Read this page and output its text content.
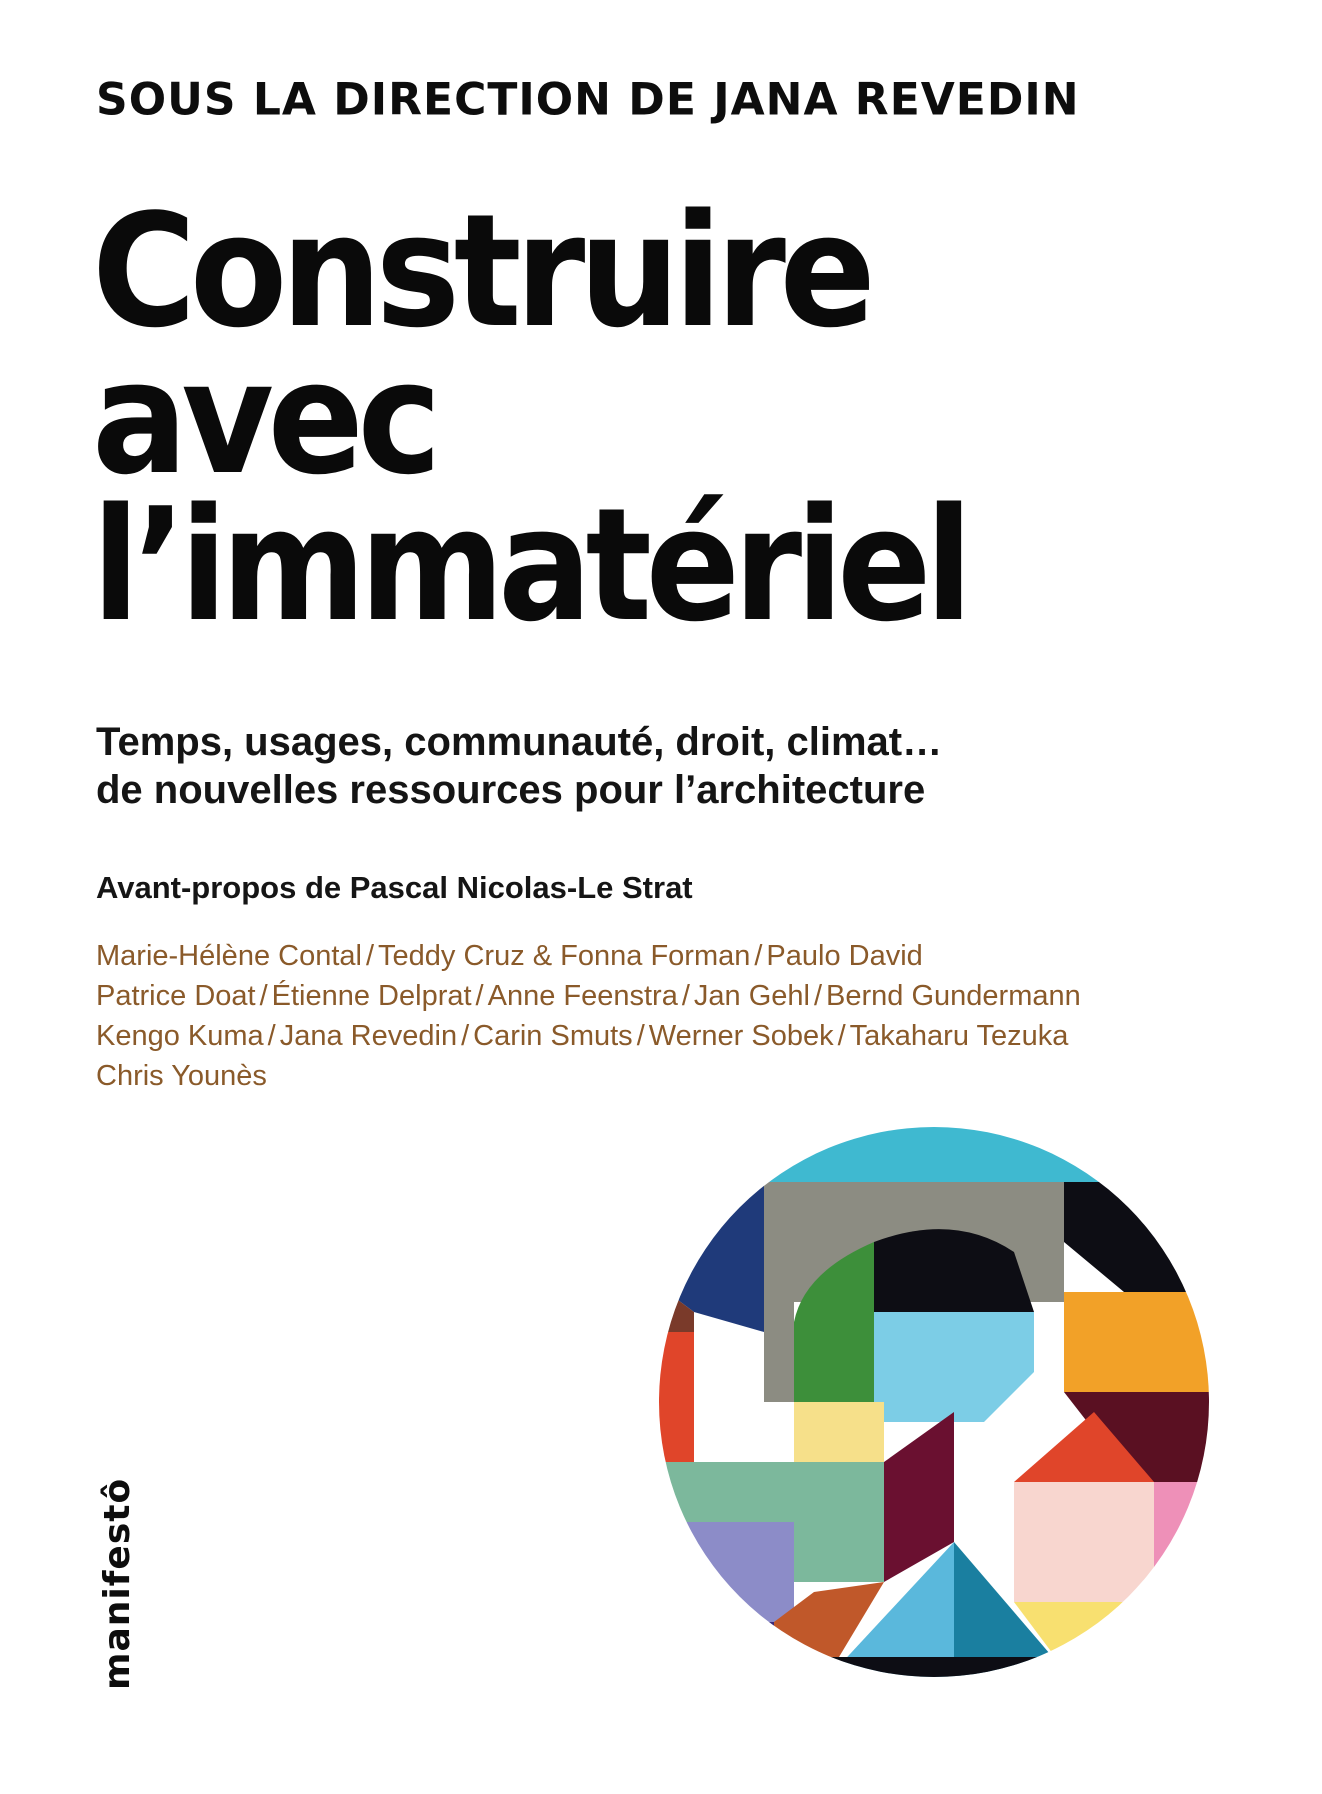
SOUS LA DIRECTION DE JANA REVEDIN
Construire
avec
l’immatériel
Temps, usages, communauté, droit, climat…
de nouvelles ressources pour l’architecture
Avant-propos de Pascal Nicolas-Le Strat
Marie-Hélène Contal / Teddy Cruz & Fonna Forman / Paulo David
Patrice Doat / Étienne Delprat / Anne Feenstra / Jan Gehl / Bernd Gundermann
Kengo Kuma / Jana Revedin / Carin Smuts / Werner Sobek / Takaharu Tezuka
Chris Younès
manifestô
